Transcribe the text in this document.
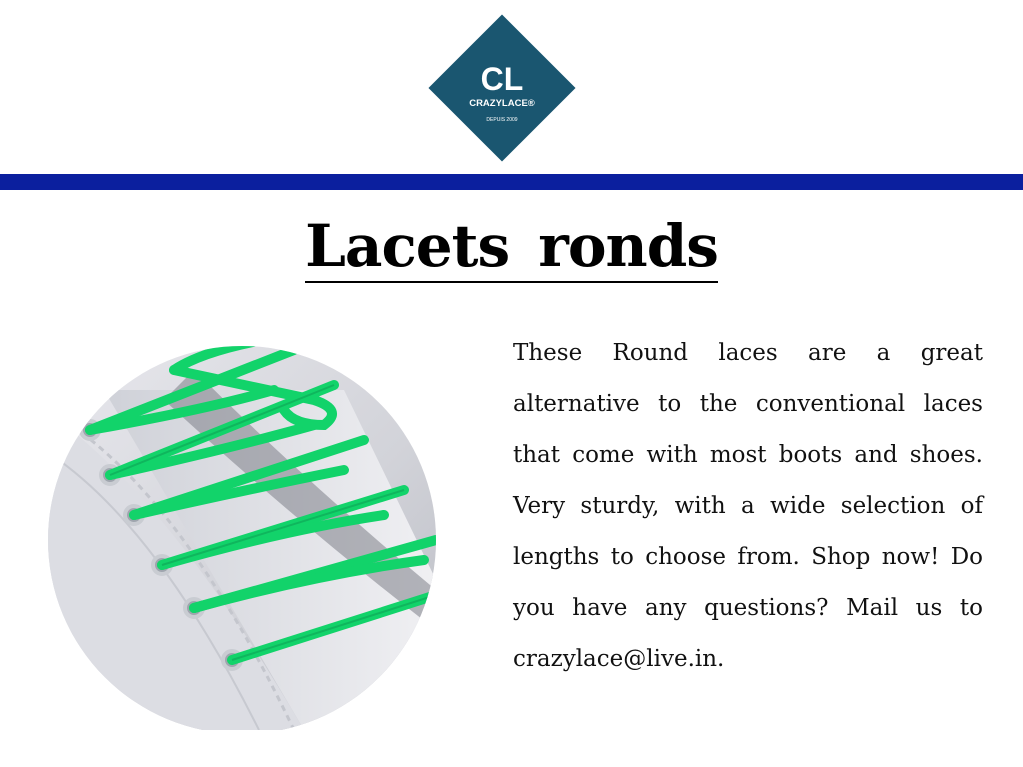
CL
CRAZYLACE®
DEPUIS 2009
Lacets ronds

These Round laces are a great alternative to the conventional laces that come with most boots and shoes. Very sturdy, with a wide selection of lengths to choose from. Shop now! Do you have any questions? Mail us to crazylace@live.in.
